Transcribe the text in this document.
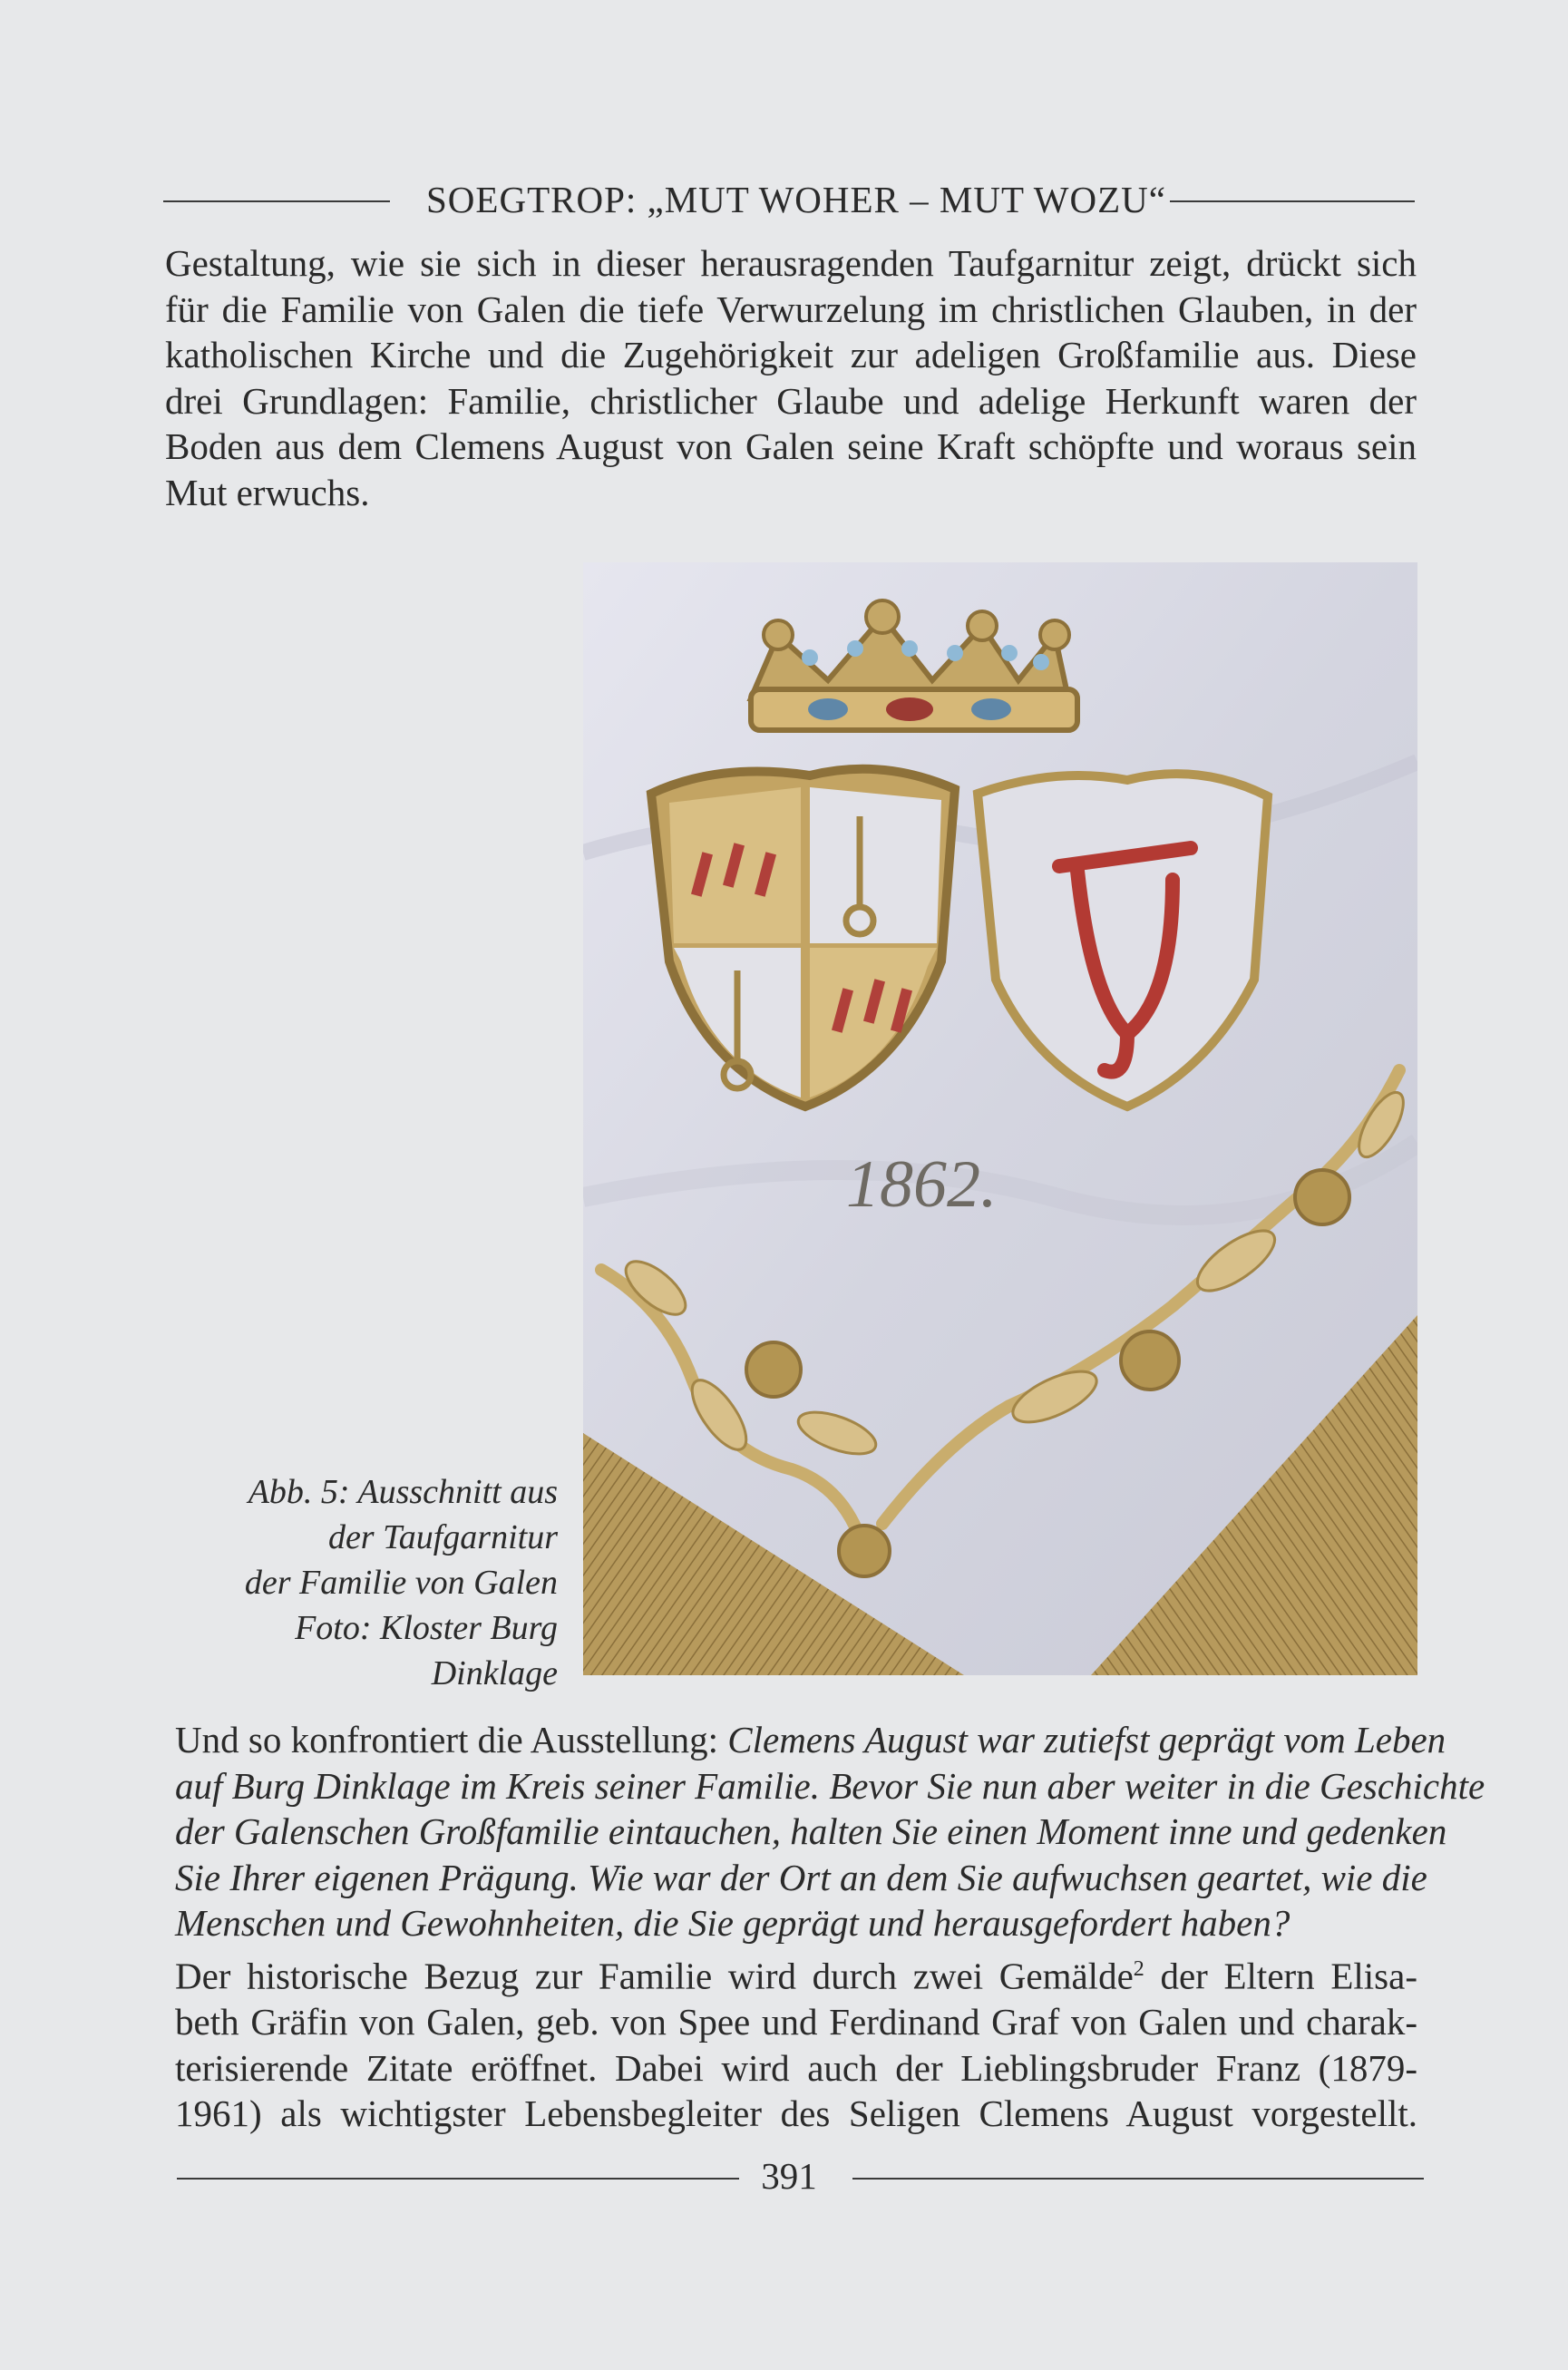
SOEGTROP: „MUT WOHER – MUT WOZU“
Gestaltung, wie sie sich in dieser herausragenden Taufgarnitur zeigt, drückt sich
für die Familie von Galen die tiefe Verwurzelung im christlichen Glauben, in der
katholischen Kirche und die Zugehörigkeit zur adeligen Großfamilie aus. Diese
drei Grundlagen: Familie, christlicher Glaube und adelige Herkunft waren der
Boden aus dem Clemens August von Galen seine Kraft schöpfte und woraus sein
Mut erwuchs.
1862.
Abb. 5: Ausschnitt aus
der Taufgarnitur
der Familie von Galen
Foto: Kloster Burg
Dinklage
Und so konfrontiert die Ausstellung: Clemens August war zutiefst geprägt vom Leben
auf Burg Dinklage im Kreis seiner Familie. Bevor Sie nun aber weiter in die Geschichte
der Galenschen Großfamilie eintauchen, halten Sie einen Moment inne und gedenken
Sie Ihrer eigenen Prägung. Wie war der Ort an dem Sie aufwuchsen geartet, wie die
Menschen und Gewohnheiten, die Sie geprägt und herausgefordert haben?
Der historische Bezug zur Familie wird durch zwei Gemälde$^2$ der Eltern Elisa-
beth Gräfin von Galen, geb. von Spee und Ferdinand Graf von Galen und charak-
terisierende Zitate eröffnet. Dabei wird auch der Lieblingsbruder Franz (1879-
1961) als wichtigster Lebensbegleiter des Seligen Clemens August vorgestellt.
391
